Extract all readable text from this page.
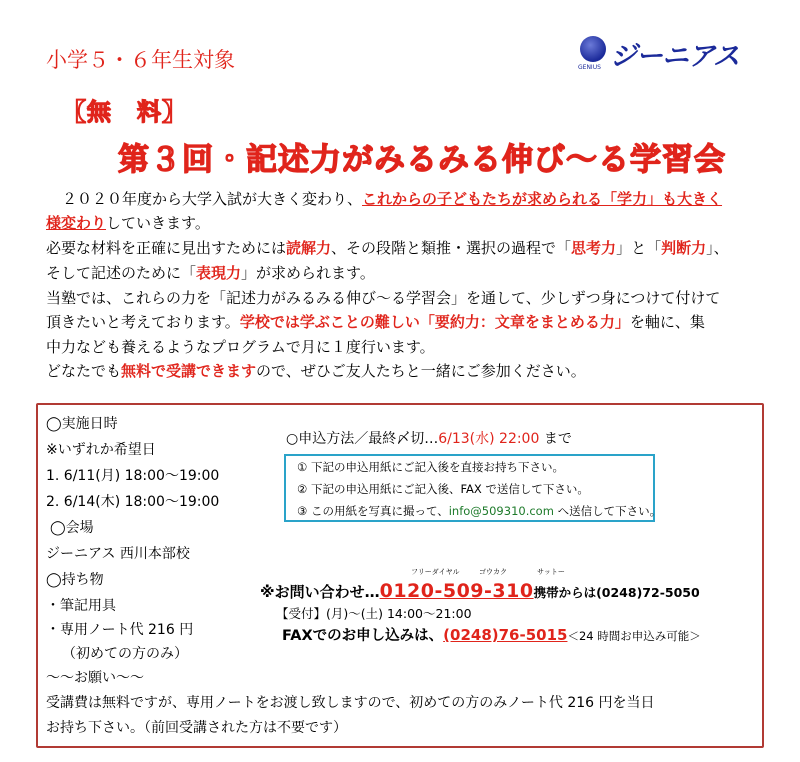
小学５・６年生対象
【無　料】
第３回・記述力がみるみる伸び～る学習会
GENIUS ジーニアス
２０２０年度から大学入試が大きく変わり、これからの子どもたちが求められる「学力」も大きく
様変わりしていきます。
必要な材料を正確に見出すためには読解力、その段階と類推・選択の過程で「思考力」と「判断力」、
そして記述のために「表現力」が求められます。
当塾では、これらの力を「記述力がみるみる伸び～る学習会」を通して、少しずつ身につけて付けて
頂きたいと考えております。学校では学ぶことの難しい「要約力：文章をまとめる力」を軸に、集
中力なども養えるようなプログラムで月に１度行います。
どなたでも無料で受講できますので、ぜひご友人たちと一緒にご参加ください。
◯実施日時
※いずれか希望日
1. 6/11(月) 18:00～19:00
2. 6/14(木) 18:00～19:00
◯会場
ジーニアス 西川本部校
◯持ち物
・筆記用具
・専用ノート代 216 円
（初めての方のみ）
～～お願い～～
受講費は無料ですが、専用ノートをお渡し致しますので、初めての方のみノート代 216 円を当日
お持ち下さい。（前回受講された方は不要です）
○申込方法／最終〆切…6/13(水) 22:00 まで
① 下記の申込用紙にご記入後を直接お持ち下さい。
② 下記の申込用紙にご記入後、FAX で送信して下さい。
③ この用紙を写真に撮って、info@509310.com へ送信して下さい。
フリーダイヤル	ゴウカク	サットー
※お問い合わせ…0120-509-310携帯からは(0248)72-5050
【受付】(月)～(土) 14:00～21:00
FAXでのお申し込みは、(0248)76-5015＜24 時間お申込み可能＞
